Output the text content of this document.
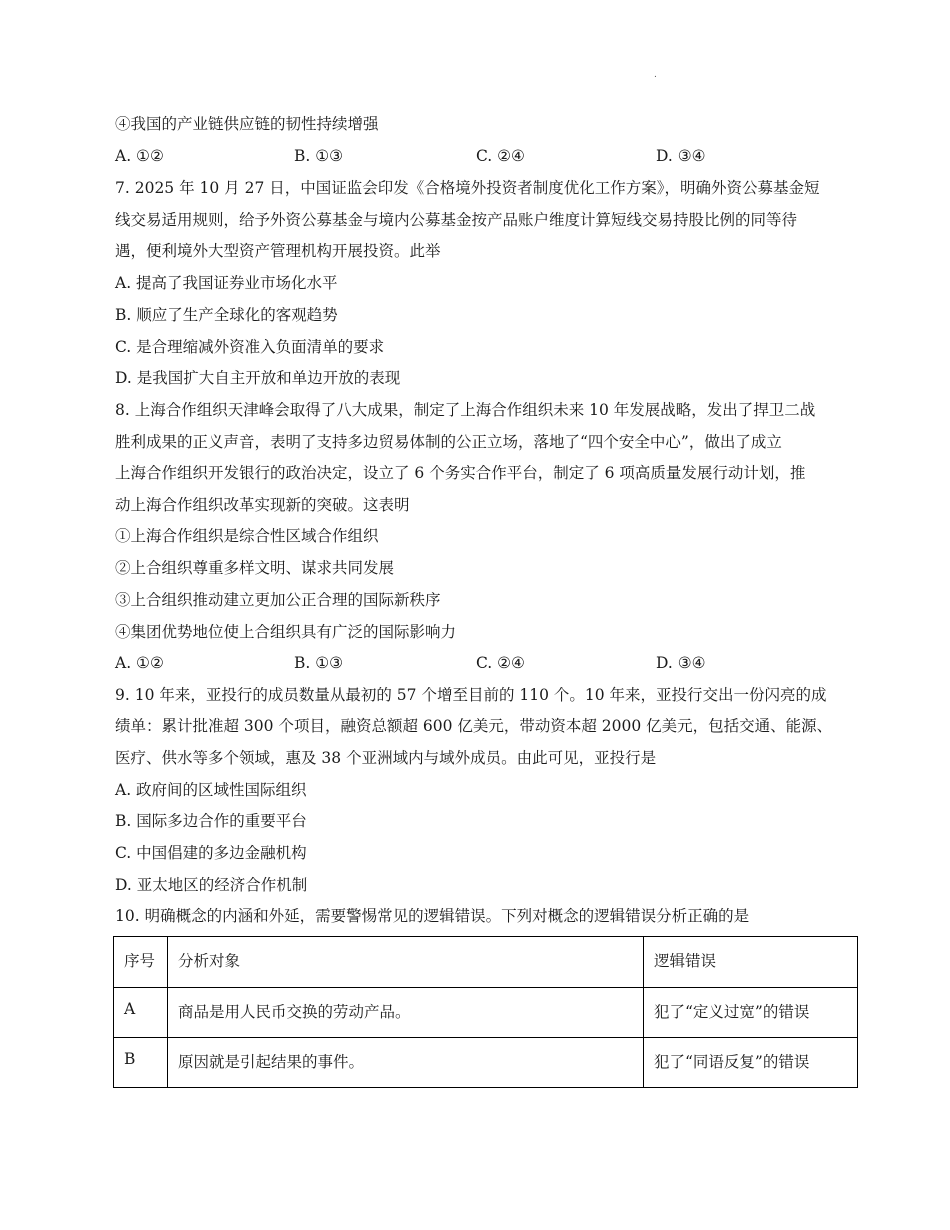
.
④我国的产业链供应链的韧性持续增强
A. ①②	B. ①③	C. ②④	D. ③④
7. 2025 年 10 月 27 日，中国证监会印发《合格境外投资者制度优化工作方案》，明确外资公募基金短
线交易适用规则，给予外资公募基金与境内公募基金按产品账户维度计算短线交易持股比例的同等待
遇，便利境外大型资产管理机构开展投资。此举
A. 提高了我国证券业市场化水平
B. 顺应了生产全球化的客观趋势
C. 是合理缩减外资准入负面清单的要求
D. 是我国扩大自主开放和单边开放的表现
8. 上海合作组织天津峰会取得了八大成果，制定了上海合作组织未来 10 年发展战略，发出了捍卫二战
胜利成果的正义声音，表明了支持多边贸易体制的公正立场，落地了“四个安全中心”，做出了成立
上海合作组织开发银行的政治决定，设立了 6 个务实合作平台，制定了 6 项高质量发展行动计划，推
动上海合作组织改革实现新的突破。这表明
①上海合作组织是综合性区域合作组织
②上合组织尊重多样文明、谋求共同发展
③上合组织推动建立更加公正合理的国际新秩序
④集团优势地位使上合组织具有广泛的国际影响力
A. ①②	B. ①③	C. ②④	D. ③④
9. 10 年来，亚投行的成员数量从最初的 57 个增至目前的 110 个。10 年来，亚投行交出一份闪亮的成
绩单：累计批准超 300 个项目，融资总额超 600 亿美元，带动资本超 2000 亿美元，包括交通、能源、
医疗、供水等多个领域，惠及 38 个亚洲域内与域外成员。由此可见，亚投行是
A. 政府间的区域性国际组织
B. 国际多边合作的重要平台
C. 中国倡建的多边金融机构
D. 亚太地区的经济合作机制
10. 明确概念的内涵和外延，需要警惕常见的逻辑错误。下列对概念的逻辑错误分析正确的是
序号	分析对象	逻辑错误
A	商品是用人民币交换的劳动产品。	犯了“定义过宽”的错误
B	原因就是引起结果的事件。	犯了“同语反复”的错误
